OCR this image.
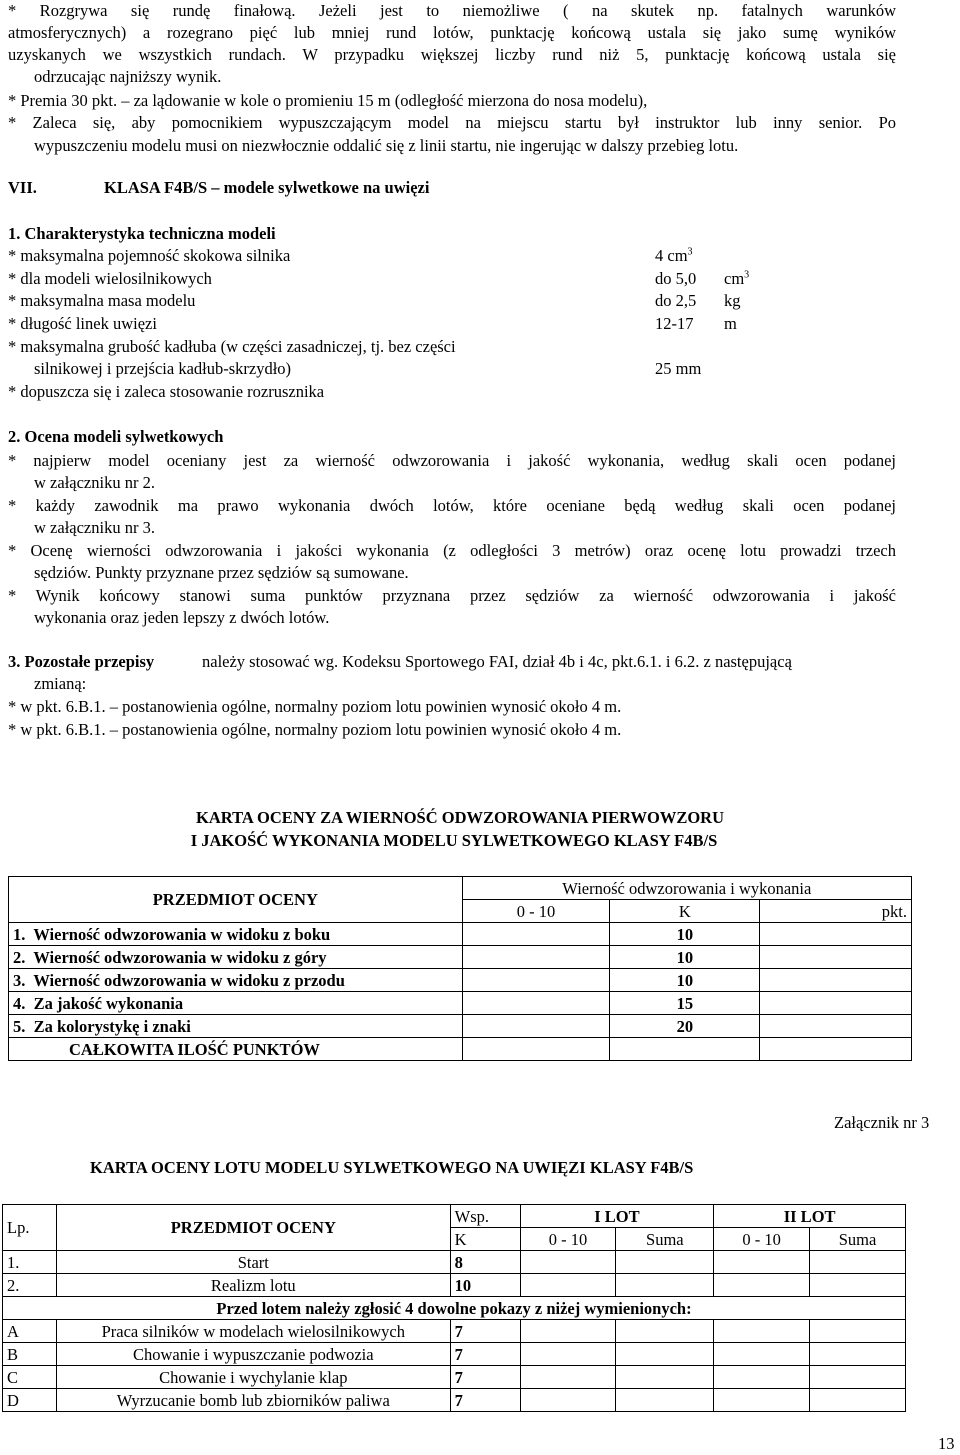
* Rozgrywa się rundę finałową. Jeżeli jest to niemożliwe ( na skutek np. fatalnych warunków
atmosferycznych) a rozegrano pięć lub mniej rund lotów, punktację końcową ustala się jako sumę wyników
uzyskanych we wszystkich rundach. W przypadku większej liczby rund niż 5, punktację końcową ustala się
odrzucając najniższy wynik.
* Premia 30 pkt. – za lądowanie w kole o promieniu 15 m (odległość mierzona do nosa modelu),
* Zaleca się, aby pomocnikiem wypuszczającym model na miejscu startu był instruktor lub inny senior. Po
wypuszczeniu modelu musi on niezwłocznie oddalić się z linii startu, nie ingerując w dalszy przebieg lotu.
VII.	KLASA F4B/S – modele sylwetkowe na uwięzi
1. Charakterystyka techniczna modeli
* maksymalna pojemność skokowa silnika	4 $cm^3$
* dla modeli wielosilnikowych	do 5,0 $cm^3$
* maksymalna masa modelu	do 2,5 kg
* długość linek uwięzi	12-17 m
* maksymalna grubość kadłuba (w części zasadniczej, tj. bez części
silnikowej i przejścia kadłub-skrzydło)	25 mm
* dopuszcza się i zaleca stosowanie rozrusznika
2. Ocena modeli sylwetkowych
* najpierw model oceniany jest za wierność odwzorowania i jakość wykonania, według skali ocen podanej
w załączniku nr 2.
* każdy zawodnik ma prawo wykonania dwóch lotów, które oceniane będą według skali ocen podanej
w załączniku nr 3.
* Ocenę wierności odwzorowania i jakości wykonania (z odległości 3 metrów) oraz ocenę lotu prowadzi trzech
sędziów. Punkty przyznane przez sędziów są sumowane.
* Wynik końcowy stanowi suma punktów przyznana przez sędziów za wierność odwzorowania i jakość
wykonania oraz jeden lepszy z dwóch lotów.
3. Pozostałe przepisy	należy stosować wg. Kodeksu Sportowego FAI, dział 4b i 4c, pkt.6.1. i 6.2. z następującą
zmianą:
* w pkt. 6.B.1. – postanowienia ogólne, normalny poziom lotu powinien wynosić około 4 m.
* w pkt. 6.B.1. – postanowienia ogólne, normalny poziom lotu powinien wynosić około 4 m.
KARTA OCENY ZA WIERNOŚĆ ODWZOROWANIA PIERWOWZORU
I JAKOŚĆ WYKONANIA MODELU SYLWETKOWEGO KLASY F4B/S
PRZEDMIOT OCENY	Wierność odwzorowania i wykonania		
	0 - 10	K	pkt.
1. Wierność odwzorowania w widoku z boku		10	
2. Wierność odwzorowania w widoku z góry		10	
3. Wierność odwzorowania w widoku z przodu		10	
4. Za jakość wykonania		15	
5. Za kolorystykę i znaki		20	
CAŁKOWITA ILOŚĆ PUNKTÓW			
Załącznik nr 3
KARTA OCENY LOTU MODELU SYLWETKOWEGO NA UWIĘZI KLASY F4B/S
Lp.	PRZEDMIOT OCENY	Wsp.	I LOT		II LOT	
		K	0 - 10	Suma	0 - 10	Suma
1.	Start	8				
2.	Realizm lotu	10				
Przed lotem należy zgłosić 4 dowolne pokazy z niżej wymienionych:						
A	Praca silników w modelach wielosilnikowych	7				
B	Chowanie i wypuszczanie podwozia	7				
C	Chowanie i wychylanie klap	7				
D	Wyrzucanie bomb lub zbiorników paliwa	7				
13
